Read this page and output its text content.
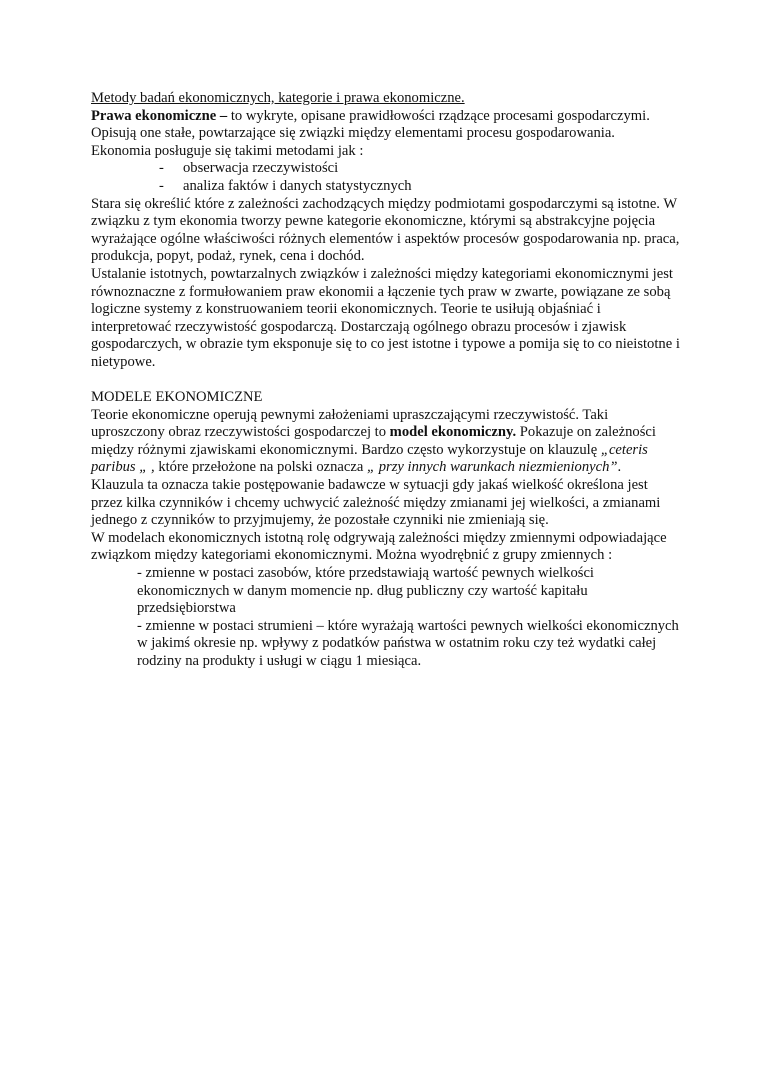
Metody badań ekonomicznych, kategorie i prawa ekonomiczne.

Prawa ekonomiczne – to wykryte, opisane prawidłowości rządzące procesami gospodarczymi. Opisują one stałe, powtarzające się związki między elementami procesu gospodarowania.

Ekonomia posługuje się takimi metodami jak :

- obserwacja rzeczywistości
- analiza faktów i danych statystycznych

Stara się określić które z zależności zachodzących między podmiotami gospodarczymi są istotne. W związku z tym ekonomia tworzy pewne kategorie ekonomiczne, którymi są abstrakcyjne pojęcia wyrażające ogólne właściwości różnych elementów i aspektów procesów gospodarowania np. praca, produkcja, popyt, podaż, rynek, cena i dochód.

Ustalanie istotnych, powtarzalnych związków i zależności między kategoriami ekonomicznymi jest równoznaczne z formułowaniem praw ekonomii a łączenie tych praw w zwarte, powiązane ze sobą logiczne systemy z konstruowaniem teorii ekonomicznych. Teorie te usiłują objaśniać i interpretować rzeczywistość gospodarczą. Dostarczają ogólnego obrazu procesów i zjawisk gospodarczych, w obrazie tym eksponuje się to co jest istotne i typowe a pomija się to co nieistotne i nietypowe.

MODELE EKONOMICZNE

Teorie ekonomiczne operują pewnymi założeniami upraszczającymi rzeczywistość. Taki uproszczony obraz rzeczywistości gospodarczej to model ekonomiczny. Pokazuje on zależności między różnymi zjawiskami ekonomicznymi. Bardzo często wykorzystuje on klauzulę „ceteris paribus „ , które przełożone na polski oznacza „ przy innych warunkach niezmienionych”.

Klauzula ta oznacza takie postępowanie badawcze w sytuacji gdy jakaś wielkość określona jest przez kilka czynników i chcemy uchwycić zależność między zmianami jej wielkości, a zmianami jednego z czynników to przyjmujemy, że pozostałe czynniki nie zmieniają się.

W modelach ekonomicznych istotną rolę odgrywają zależności między zmiennymi odpowiadające związkom między kategoriami ekonomicznymi. Można wyodrębnić z grupy zmiennych :

- zmienne w postaci zasobów, które przedstawiają wartość pewnych wielkości ekonomicznych w danym momencie np. dług publiczny czy wartość kapitału przedsiębiorstwa

- zmienne w postaci strumieni – które wyrażają wartości pewnych wielkości ekonomicznych w jakimś okresie np. wpływy z podatków państwa w ostatnim roku czy też wydatki całej rodziny na produkty i usługi w ciągu 1 miesiąca.
